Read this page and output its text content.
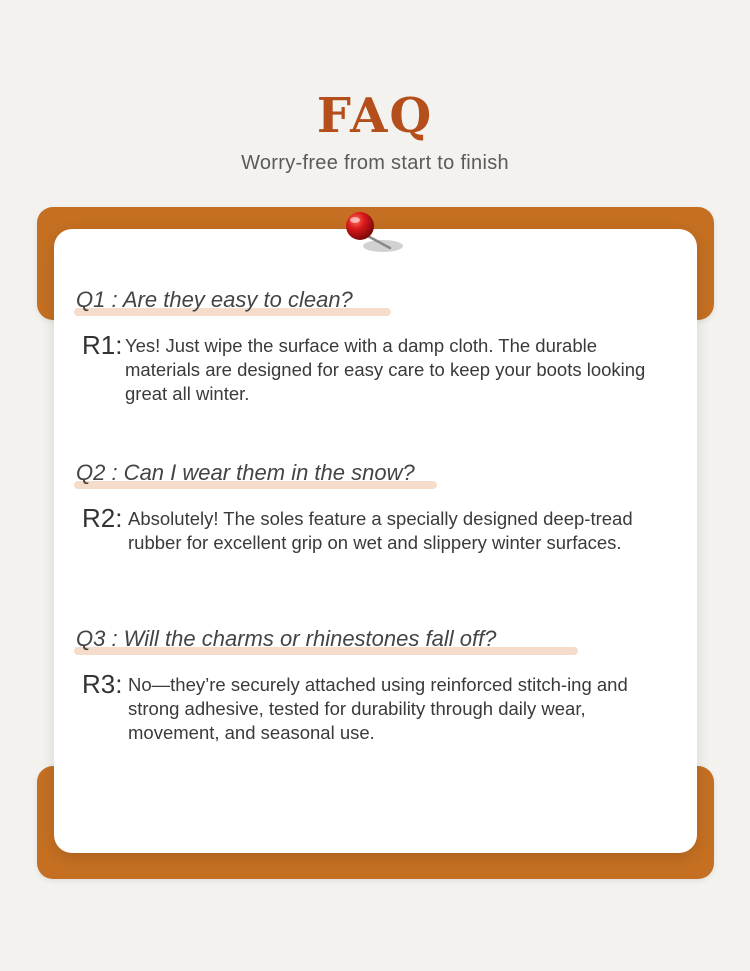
FAQ
Worry-free from start to finish
Q1 : Are they easy to clean?
R1: Yes! Just wipe the surface with a damp cloth. The durable materials are designed for easy care to keep your boots looking great all winter.
Q2 : Can I wear them in the snow?
R2: Absolutely! The soles feature a specially designed deep-tread rubber for excellent grip on wet and slippery winter surfaces.
Q3 : Will the charms or rhinestones fall off?
R3: No—they’re securely attached using reinforced stitch-ing and strong adhesive, tested for durability through daily wear, movement, and seasonal use.
